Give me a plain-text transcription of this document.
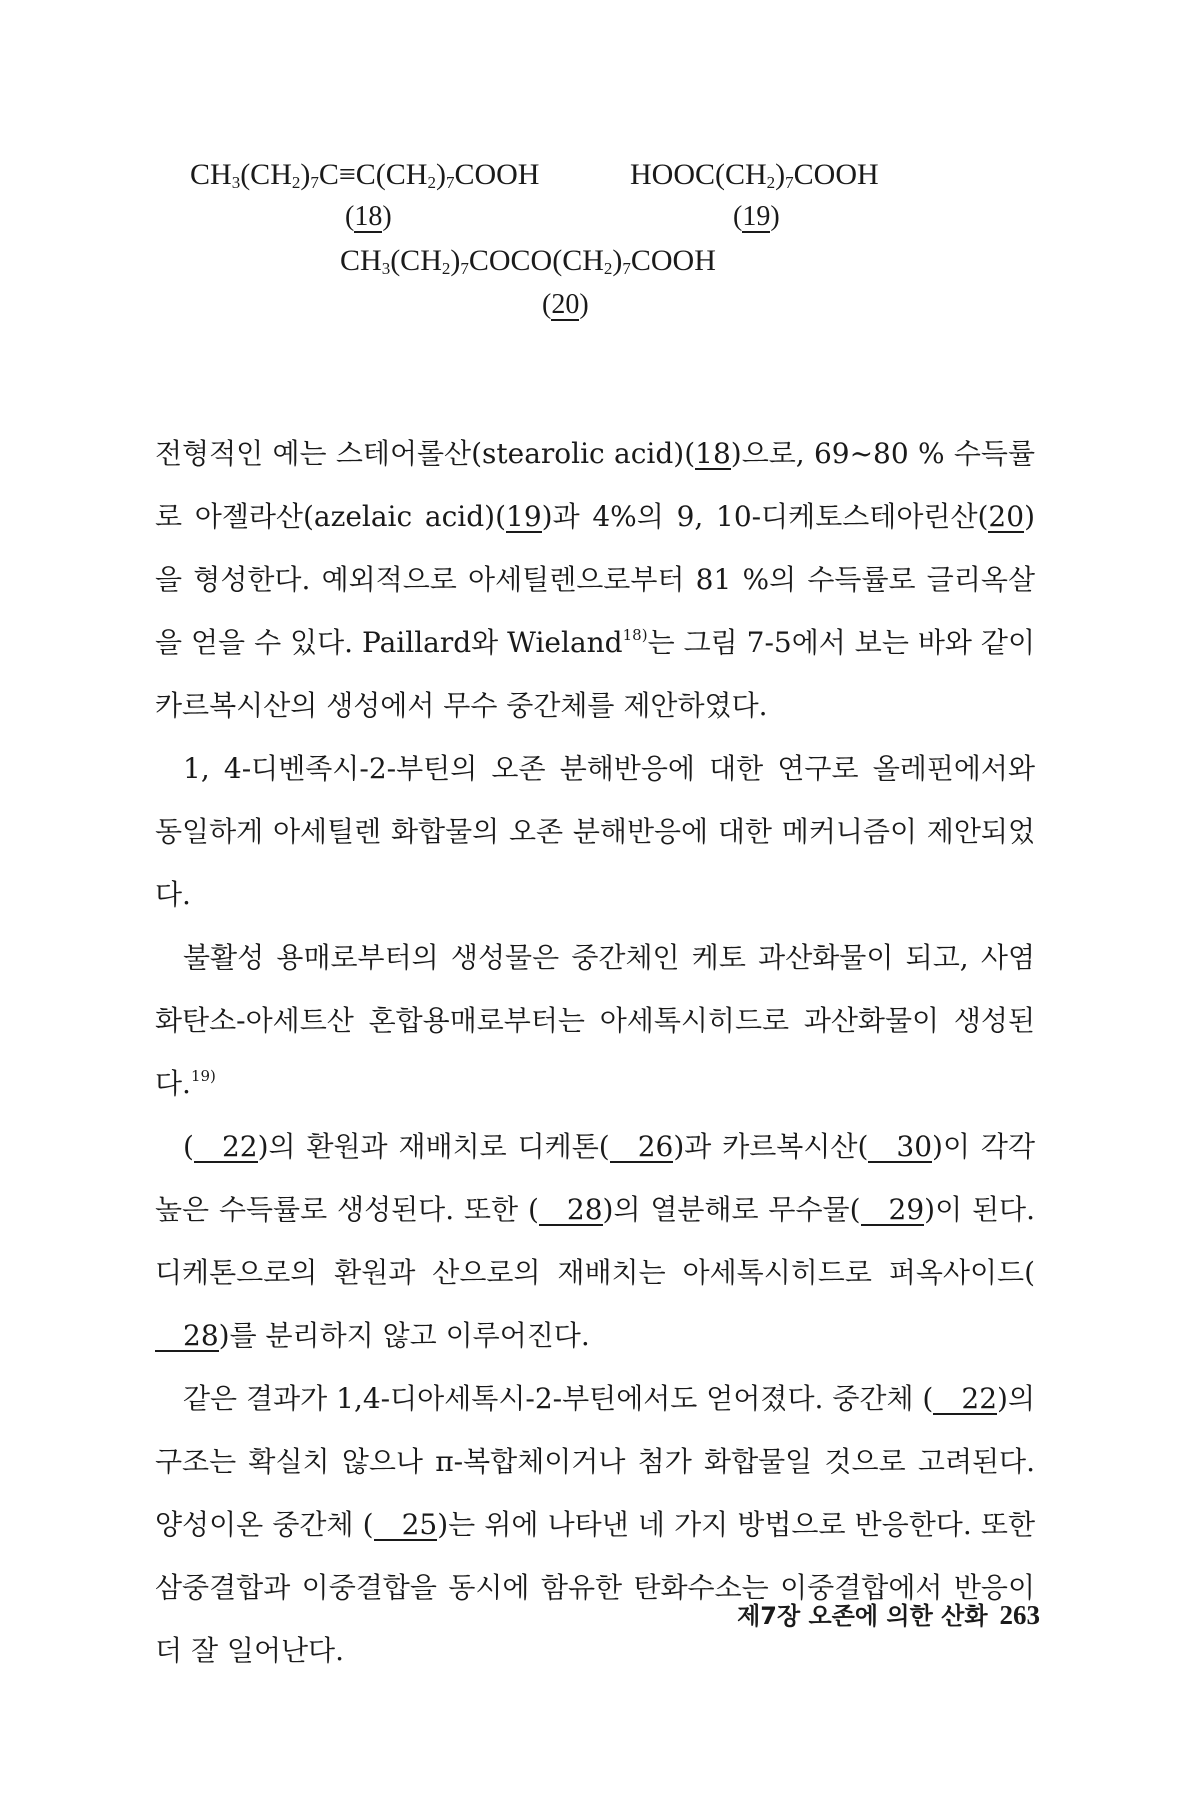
$CH_3(CH_2)_7C\equiv C(CH_2)_7COOH$	$HOOC(CH_2)_7COOH$
(18)	(19)
$CH_3(CH_2)_7COCO(CH_2)_7COOH$
(20)

전형적인 예는 스테어롤산(stearolic acid)(18)으로, 69~80 % 수득률로 아젤라산(azelaic acid)(19)과 4%의 9, 10-디케토스테아린산(20)을 형성한다. 예외적으로 아세틸렌으로부터 81 %의 수득률로 글리옥살을 얻을 수 있다. Paillard와 Wieland$^{18)}$는 그림 7-5에서 보는 바와 같이 카르복시산의 생성에서 무수 중간체를 제안하였다.

1, 4-디벤족시-2-부틴의 오존 분해반응에 대한 연구로 올레핀에서와 동일하게 아세틸렌 화합물의 오존 분해반응에 대한 메커니즘이 제안되었다.

불활성 용매로부터의 생성물은 중간체인 케토 과산화물이 되고, 사염화탄소-아세트산 혼합용매로부터는 아세톡시히드로 과산화물이 생성된다.$^{19)}$

( 22)의 환원과 재배치로 디케톤( 26)과 카르복시산( 30)이 각각 높은 수득률로 생성된다. 또한 ( 28)의 열분해로 무수물( 29)이 된다. 디케톤으로의 환원과 산으로의 재배치는 아세톡시히드로 퍼옥사이드(28)를 분리하지 않고 이루어진다.

같은 결과가 1,4-디아세톡시-2-부틴에서도 얻어졌다. 중간체 ( 22)의 구조는 확실치 않으나 π-복합체이거나 첨가 화합물일 것으로 고려된다. 양성이온 중간체 ( 25)는 위에 나타낸 네 가지 방법으로 반응한다. 또한 삼중결합과 이중결합을 동시에 함유한 탄화수소는 이중결합에서 반응이 더 잘 일어난다.

제7장 오존에 의한 산화 263
